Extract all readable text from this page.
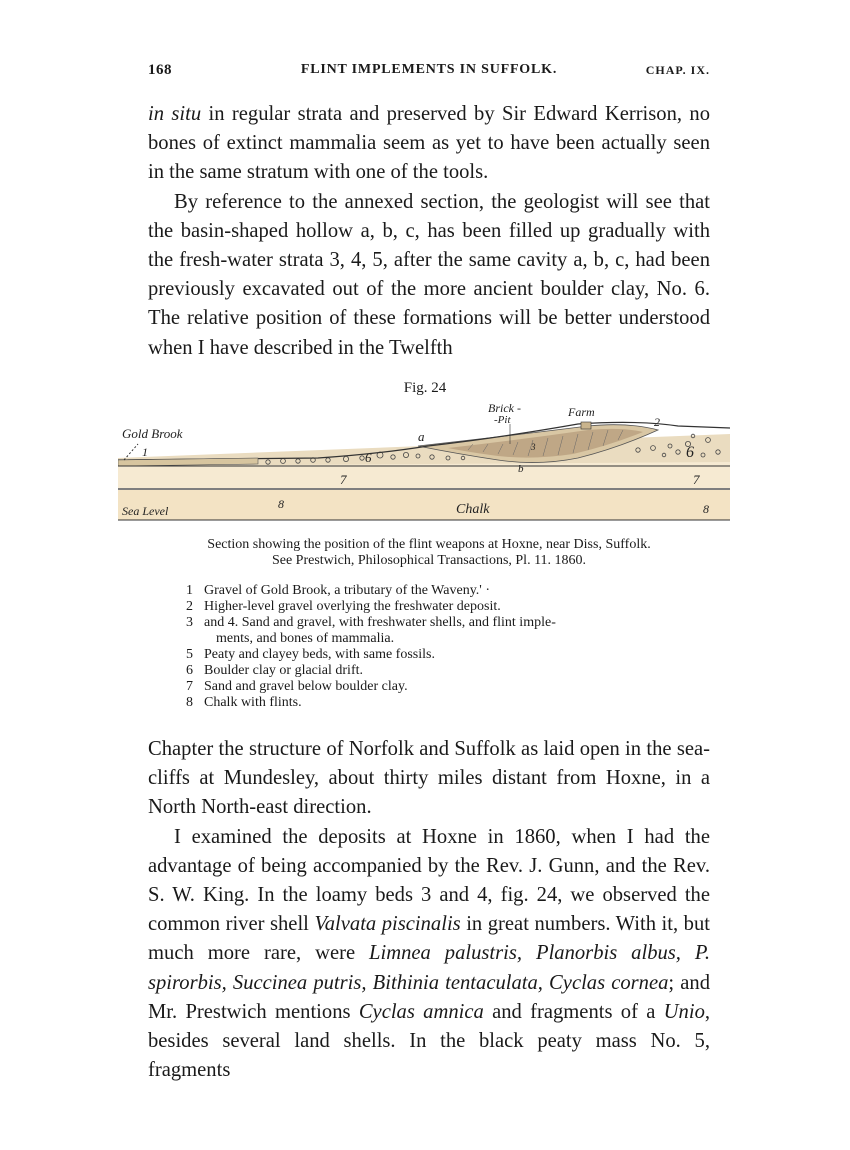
168	FLINT IMPLEMENTS IN SUFFOLK.	CHAP. IX.

in situ in regular strata and preserved by Sir Edward Kerrison, no bones of extinct mammalia seem as yet to have been actually seen in the same stratum with one of the tools.

By reference to the annexed section, the geologist will see that the basin-shaped hollow a, b, c, has been filled up gradually with the fresh-water strata 3, 4, 5, after the same cavity a, b, c, had been previously excavated out of the more ancient boulder clay, No. 6. The relative position of these formations will be better understood when I have described in the Twelfth

Fig. 24
Gold Brook
1
Brick -
-Pit
Farm
2
a
3
b
6	6
7	7
Sea Level	8	Chalk	8
Section showing the position of the flint weapons at Hoxne, near Diss, Suffolk.
See Prestwich, Philosophical Transactions, Pl. 11. 1860.
1 Gravel of Gold Brook, a tributary of the Waveny.' ·
2 Higher-level gravel overlying the freshwater deposit.
3 and 4. Sand and gravel, with freshwater shells, and flint imple-
ments, and bones of mammalia.
5 Peaty and clayey beds, with same fossils.
6 Boulder clay or glacial drift.
7 Sand and gravel below boulder clay.
8 Chalk with flints.

Chapter the structure of Norfolk and Suffolk as laid open in the sea-cliffs at Mundesley, about thirty miles distant from Hoxne, in a North North-east direction.

I examined the deposits at Hoxne in 1860, when I had the advantage of being accompanied by the Rev. J. Gunn, and the Rev. S. W. King. In the loamy beds 3 and 4, fig. 24, we observed the common river shell Valvata piscinalis in great numbers. With it, but much more rare, were Limnea palustris, Planorbis albus, P. spirorbis, Succinea putris, Bithinia tentaculata, Cyclas cornea; and Mr. Prestwich mentions Cyclas amnica and fragments of a Unio, besides several land shells. In the black peaty mass No. 5, fragments
